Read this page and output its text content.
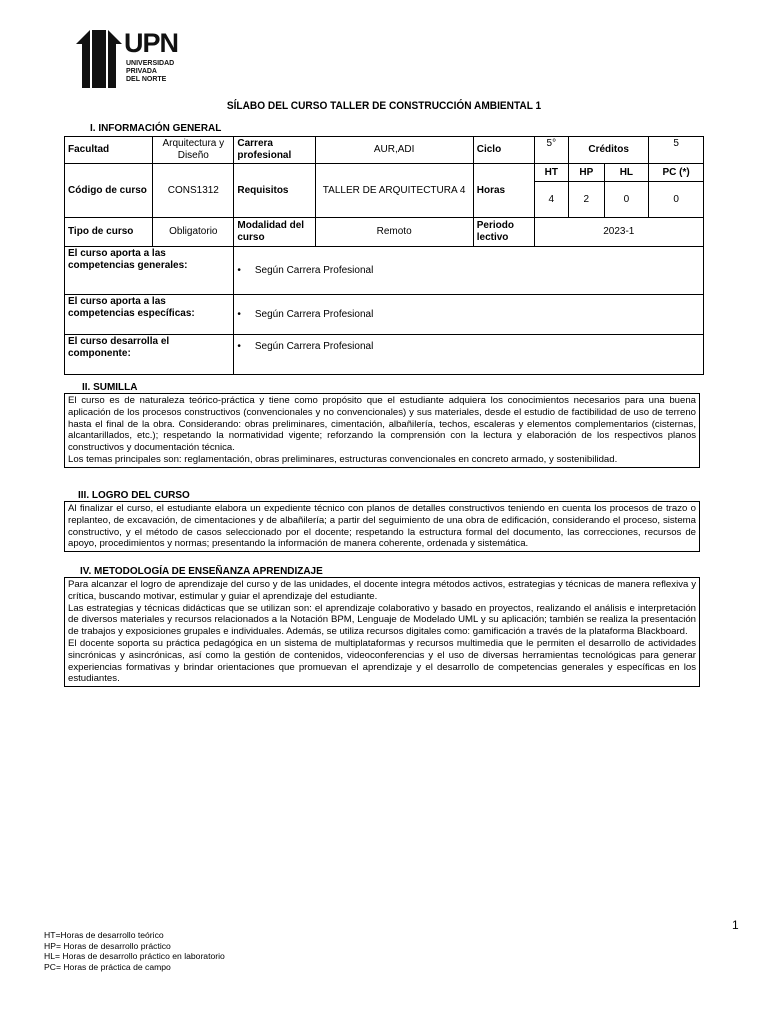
UPN
UNIVERSIDAD
PRIVADA
DEL NORTE
SÍLABO DEL CURSO TALLER DE CONSTRUCCIÓN AMBIENTAL 1
I. INFORMACIÓN GENERAL
Facultad	Arquitectura y Diseño	Carrera profesional	AUR,ADI	Ciclo	5°	Créditos		5
Código de curso	CONS1312	Requisitos	TALLER DE ARQUITECTURA 4	Horas	HT	HP	HL	PC (*)
					4	2	0	0
Tipo de curso	Obligatorio	Modalidad del curso	Remoto	Periodo lectivo	2023-1			
El curso aporta a las competencias generales:		• Según Carrera Profesional						
El curso aporta a las competencias específicas:		• Según Carrera Profesional						
El curso desarrolla el componente:		• Según Carrera Profesional						
II. SUMILLA

El curso es de naturaleza teórico-práctica y tiene como propósito que el estudiante adquiera los conocimientos necesarios para una buena aplicación de los procesos constructivos (convencionales y no convencionales) y sus materiales, desde el estudio de factibilidad de uso de terreno hasta el final de la obra. Considerando: obras preliminares, cimentación, albañilería, techos, escaleras y elementos complementarios (cisternas, alcantarillados, etc.); respetando la normatividad vigente; reforzando la comprensión con la lectura y elaboración de los respectivos planos constructivos y documentación técnica.

Los temas principales son: reglamentación, obras preliminares, estructuras convencionales en concreto armado, y sostenibilidad.

III. LOGRO DEL CURSO

Al finalizar el curso, el estudiante elabora un expediente técnico con planos de detalles constructivos teniendo en cuenta los procesos de trazo o replanteo, de excavación, de cimentaciones y de albañilería; a partir del seguimiento de una obra de edificación, considerando el proceso, sistema constructivo, y el método de casos seleccionado por el docente; respetando la estructura formal del documento, las correcciones, recursos de apoyo, procedimientos y normas; presentando la información de manera coherente, ordenada y sistemática.

IV. METODOLOGÍA DE ENSEÑANZA APRENDIZAJE

Para alcanzar el logro de aprendizaje del curso y de las unidades, el docente integra métodos activos, estrategias y técnicas de manera reflexiva y crítica, buscando motivar, estimular y guiar el aprendizaje del estudiante.

Las estrategias y técnicas didácticas que se utilizan son: el aprendizaje colaborativo y basado en proyectos, realizando el análisis e interpretación de diversos materiales y recursos relacionados a la Notación BPM, Lenguaje de Modelado UML y su aplicación; también se realiza la presentación de trabajos y exposiciones grupales e individuales. Además, se utiliza recursos digitales como: gamificación a través de la plataforma Blackboard.

El docente soporta su práctica pedagógica en un sistema de multiplataformas y recursos multimedia que le permiten el desarrollo de actividades sincrónicas y asincrónicas, así como la gestión de contenidos, videoconferencias y el uso de diversas herramientas tecnológicas para generar experiencias formativas y brindar orientaciones que promuevan el aprendizaje y el desarrollo de competencias generales y específicas en los estudiantes.

1
HT=Horas de desarrollo teórico
HP= Horas de desarrollo práctico
HL= Horas de desarrollo práctico en laboratorio
PC= Horas de práctica de campo
